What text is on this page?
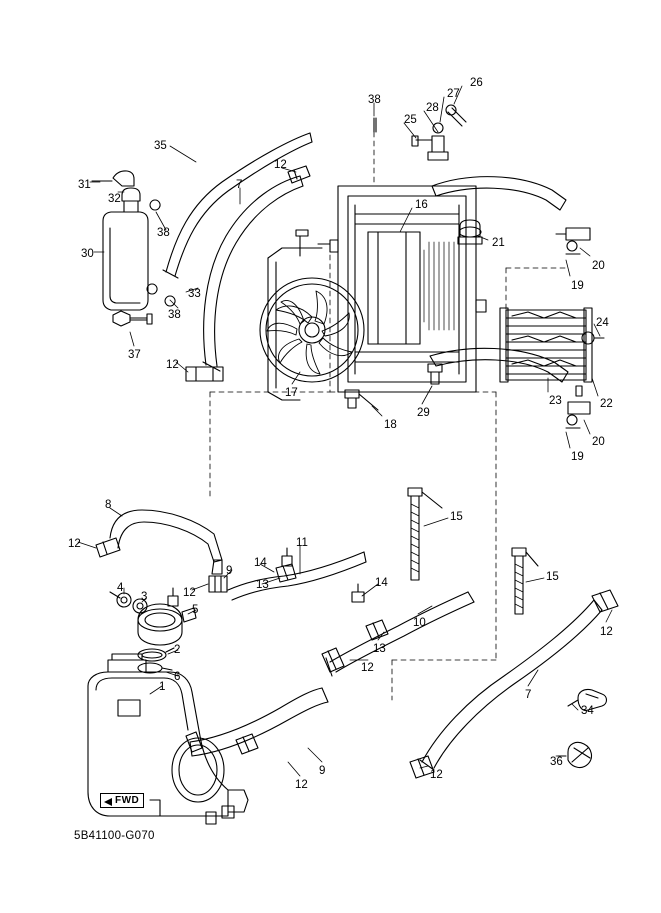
26
27
28
38
25
35
12
31
32
7
16
38
30
21
20
19
33
38
24
37
12
22
23
17
29
18
20
19
8
15
12	11
14
9
13
12
4
3
14	15
5
10
12
2	13
6
12
1
7
34
36
9
12
12
FWD
5B41100-G070
